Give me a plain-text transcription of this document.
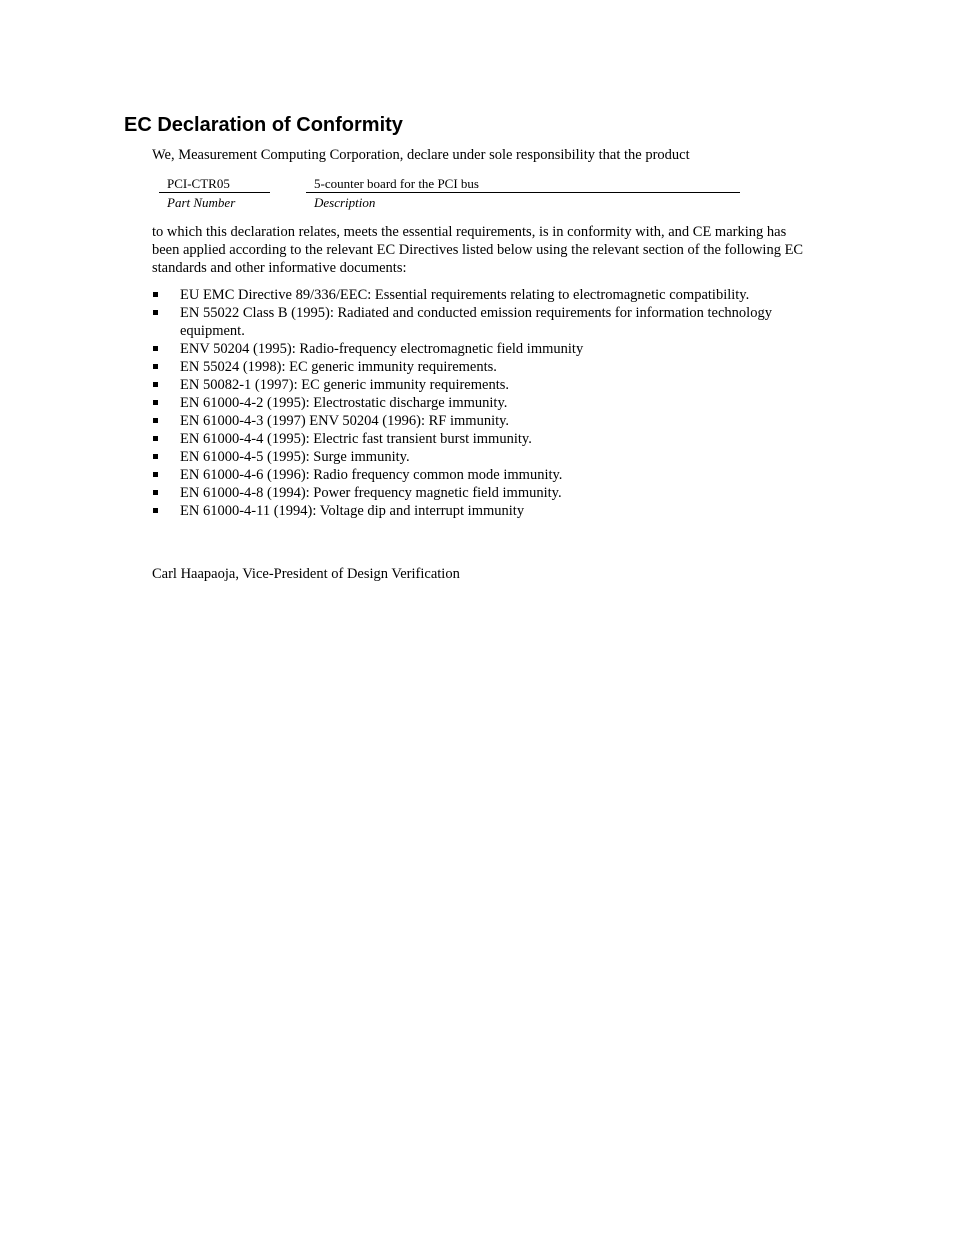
EC Declaration of Conformity

We, Measurement Computing Corporation, declare under sole responsibility that the product

PCI-CTR05	5-counter board for the PCI bus
Part Number	Description

to which this declaration relates, meets the essential requirements, is in conformity with, and CE marking has been applied according to the relevant EC Directives listed below using the relevant section of the following EC standards and other informative documents:

EU EMC Directive 89/336/EEC: Essential requirements relating to electromagnetic compatibility.
EN 55022 Class B (1995): Radiated and conducted emission requirements for information technology equipment.
ENV 50204 (1995): Radio-frequency electromagnetic field immunity
EN 55024 (1998): EC generic immunity requirements.
EN 50082-1 (1997): EC generic immunity requirements.
EN 61000-4-2 (1995): Electrostatic discharge immunity.
EN 61000-4-3 (1997) ENV 50204 (1996): RF immunity.
EN 61000-4-4 (1995): Electric fast transient burst immunity.
EN 61000-4-5 (1995): Surge immunity.
EN 61000-4-6 (1996): Radio frequency common mode immunity.
EN 61000-4-8 (1994): Power frequency magnetic field immunity.
EN 61000-4-11 (1994): Voltage dip and interrupt immunity

Carl Haapaoja, Vice-President of Design Verification
